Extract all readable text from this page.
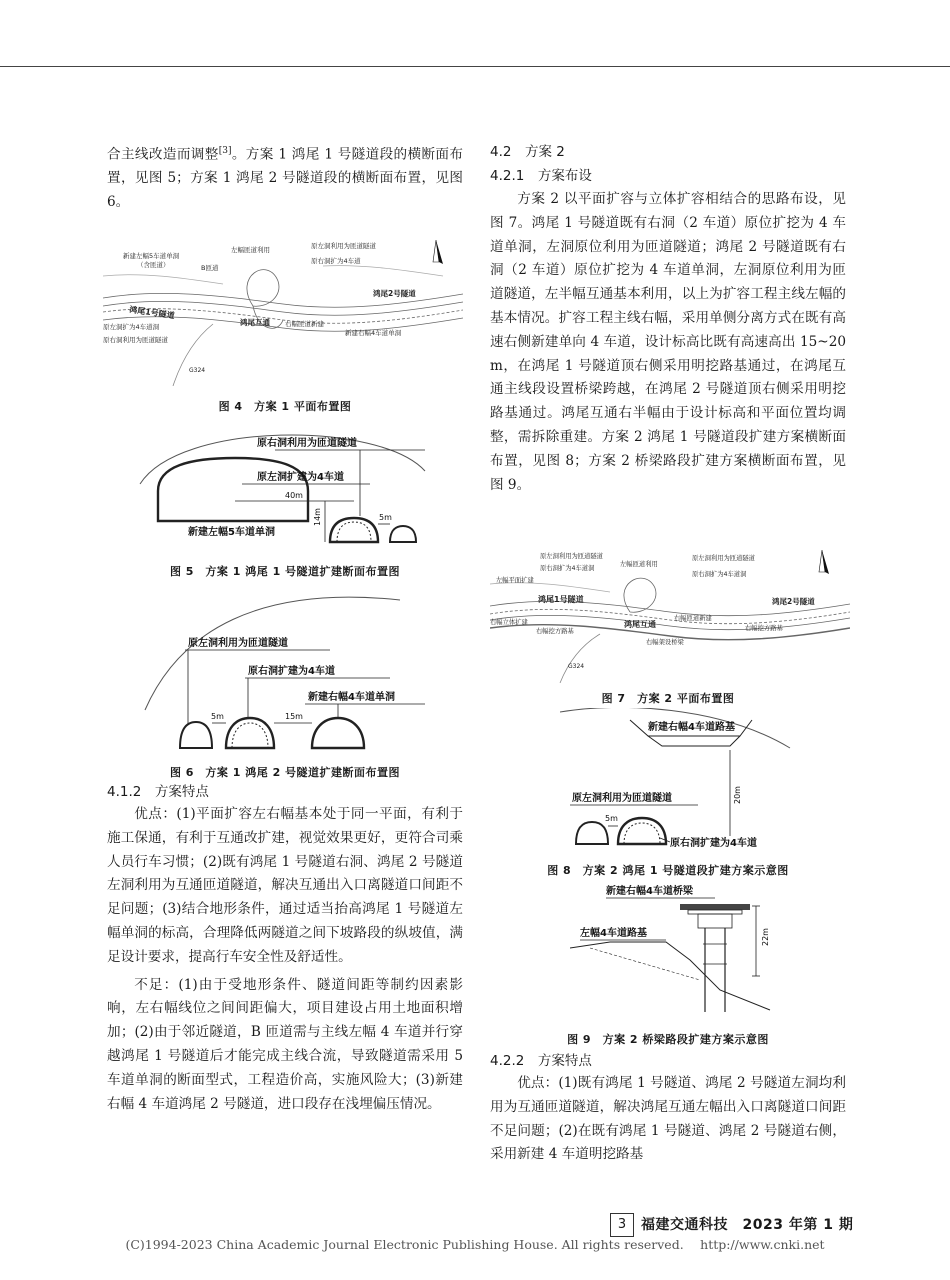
合主线改造而调整[3]。方案 1 鸿尾 1 号隧道段的横断面布置，见图 5；方案 1 鸿尾 2 号隧道段的横断面布置，见图 6。

新建左幅5车道单洞
（含匝道）	B匝道
左幅匝道利用	原左洞利用为匝道隧道
原右洞扩为4车道
鸿尾2号隧道
鸿尾1号隧道
原左洞扩为4车道洞
原右洞利用为匝道隧道
鸿尾互通 右幅匝道新建
新建右幅4车道单洞
G324
图 4　方案 1 平面布置图
原右洞利用为匝道隧道
原左洞扩建为4车道
40m
新建左幅5车道单洞
14m	5m
图 5　方案 1 鸿尾 1 号隧道扩建断面布置图
原左洞利用为匝道隧道
原右洞扩建为4车道
新建右幅4车道单洞
5m	15m
图 6　方案 1 鸿尾 2 号隧道扩建断面布置图

4.1.2　方案特点

优点：(1)平面扩容左右幅基本处于同一平面，有利于施工保通，有利于互通改扩建，视觉效果更好，更符合司乘人员行车习惯；(2)既有鸿尾 1 号隧道右洞、鸿尾 2 号隧道左洞利用为互通匝道隧道，解决互通出入口离隧道口间距不足问题；(3)结合地形条件，通过适当抬高鸿尾 1 号隧道左幅单洞的标高，合理降低两隧道之间下坡路段的纵坡值，满足设计要求，提高行车安全性及舒适性。

不足：(1)由于受地形条件、隧道间距等制约因素影响，左右幅线位之间间距偏大，项目建设占用土地面积增加；(2)由于邻近隧道，B 匝道需与主线左幅 4 车道并行穿越鸿尾 1 号隧道后才能完成主线合流，导致隧道需采用 5 车道单洞的断面型式，工程造价高，实施风险大；(3)新建右幅 4 车道鸿尾 2 号隧道，进口段存在浅埋偏压情况。

4.2　方案 2

4.2.1　方案布设

方案 2 以平面扩容与立体扩容相结合的思路布设，见图 7。鸿尾 1 号隧道既有右洞（2 车道）原位扩挖为 4 车道单洞，左洞原位利用为匝道隧道；鸿尾 2 号隧道既有右洞（2 车道）原位扩挖为 4 车道单洞，左洞原位利用为匝道隧道，左半幅互通基本利用，以上为扩容工程主线左幅的基本情况。扩容工程主线右幅，采用单侧分离方式在既有高速右侧新建单向 4 车道，设计标高比既有高速高出 15~20 m，在鸿尾 1 号隧道顶右侧采用明挖路基通过，在鸿尾互通主线段设置桥梁跨越，在鸿尾 2 号隧道顶右侧采用明挖路基通过。鸿尾互通右半幅由于设计标高和平面位置均调整，需拆除重建。方案 2 鸿尾 1 号隧道段扩建方案横断面布置，见图 8；方案 2 桥梁路段扩建方案横断面布置，见图 9。

原左洞利用为匝道隧道
原右洞扩为4车道洞
左幅平面扩建
左幅匝道利用
原左洞利用为匝道隧道
原右洞扩为4车道洞
鸿尾1号隧道	鸿尾2号隧道
右幅立体扩建
右幅挖方路基
鸿尾互通
右幅匝道新建
右幅挖方路基
右幅架设桥梁
G324
图 7　方案 2 平面布置图
新建右幅4车道路基
原左洞利用为匝道隧道	20m
5m
原右洞扩建为4车道
图 8　方案 2 鸿尾 1 号隧道段扩建方案示意图
新建右幅4车道桥梁
左幅4车道路基	22m
图 9　方案 2 桥梁路段扩建方案示意图

4.2.2　方案特点

优点：(1)既有鸿尾 1 号隧道、鸿尾 2 号隧道左洞均利用为互通匝道隧道，解决鸿尾互通左幅出入口离隧道口间距不足问题；(2)在既有鸿尾 1 号隧道、鸿尾 2 号隧道右侧，采用新建 4 车道明挖路基

3	福建交通科技　2023 年第 1 期
(C)1994-2023 China Academic Journal Electronic Publishing House. All rights reserved.　 http://www.cnki.net
